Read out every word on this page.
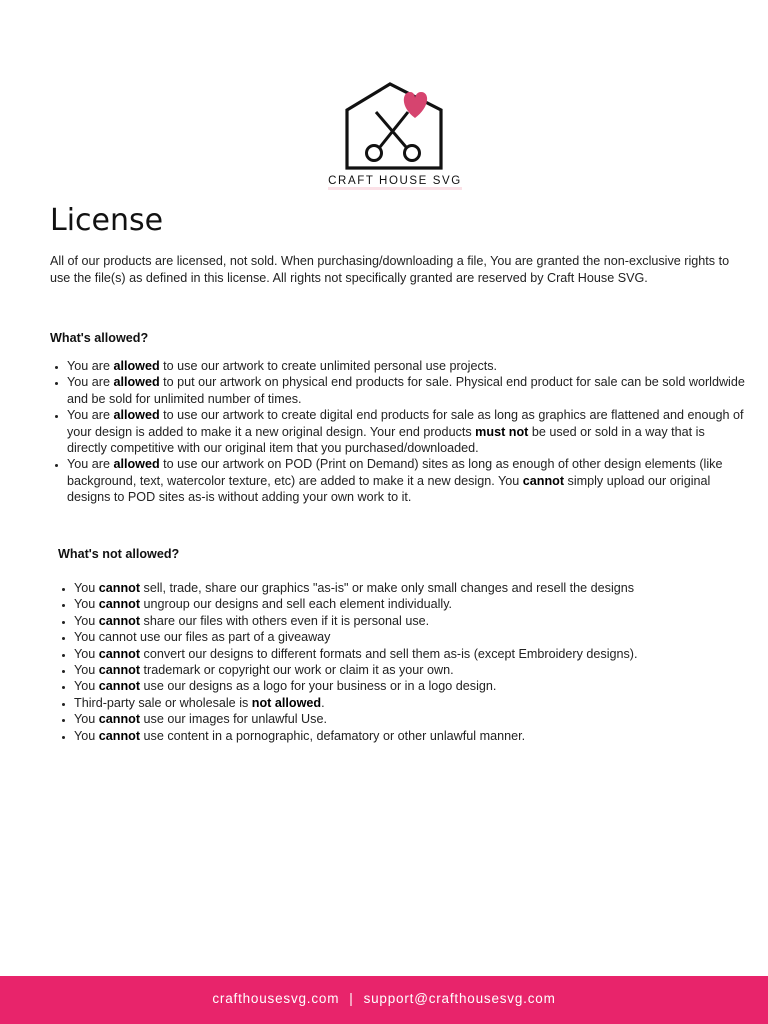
CRAFT HOUSE SVG
License

All of our products are licensed, not sold. When purchasing/downloading a file, You are granted the non-exclusive rights to use the file(s) as defined in this license. All rights not specifically granted are reserved by Craft House SVG.

What's allowed?

• You are allowed to use our artwork to create unlimited personal use projects.
• You are allowed to put our artwork on physical end products for sale. Physical end product for sale can be sold worldwide and be sold for unlimited number of times.
• You are allowed to use our artwork to create digital end products for sale as long as graphics are flattened and enough of your design is added to make it a new original design. Your end products must not be used or sold in a way that is directly competitive with our original item that you purchased/downloaded.
• You are allowed to use our artwork on POD (Print on Demand) sites as long as enough of other design elements (like background, text, watercolor texture, etc) are added to make it a new design. You cannot simply upload our original designs to POD sites as-is without adding your own work to it.

What's not allowed?

• You cannot sell, trade, share our graphics "as-is" or make only small changes and resell the designs
• You cannot ungroup our designs and sell each element individually.
• You cannot share our files with others even if it is personal use.
• You cannot use our files as part of a giveaway
• You cannot convert our designs to different formats and sell them as-is (except Embroidery designs).
• You cannot trademark or copyright our work or claim it as your own.
• You cannot use our designs as a logo for your business or in a logo design.
• Third-party sale or wholesale is not allowed.
• You cannot use our images for unlawful Use.
• You cannot use content in a pornographic, defamatory or other unlawful manner.
crafthousesvg.com | support@crafthousesvg.com
